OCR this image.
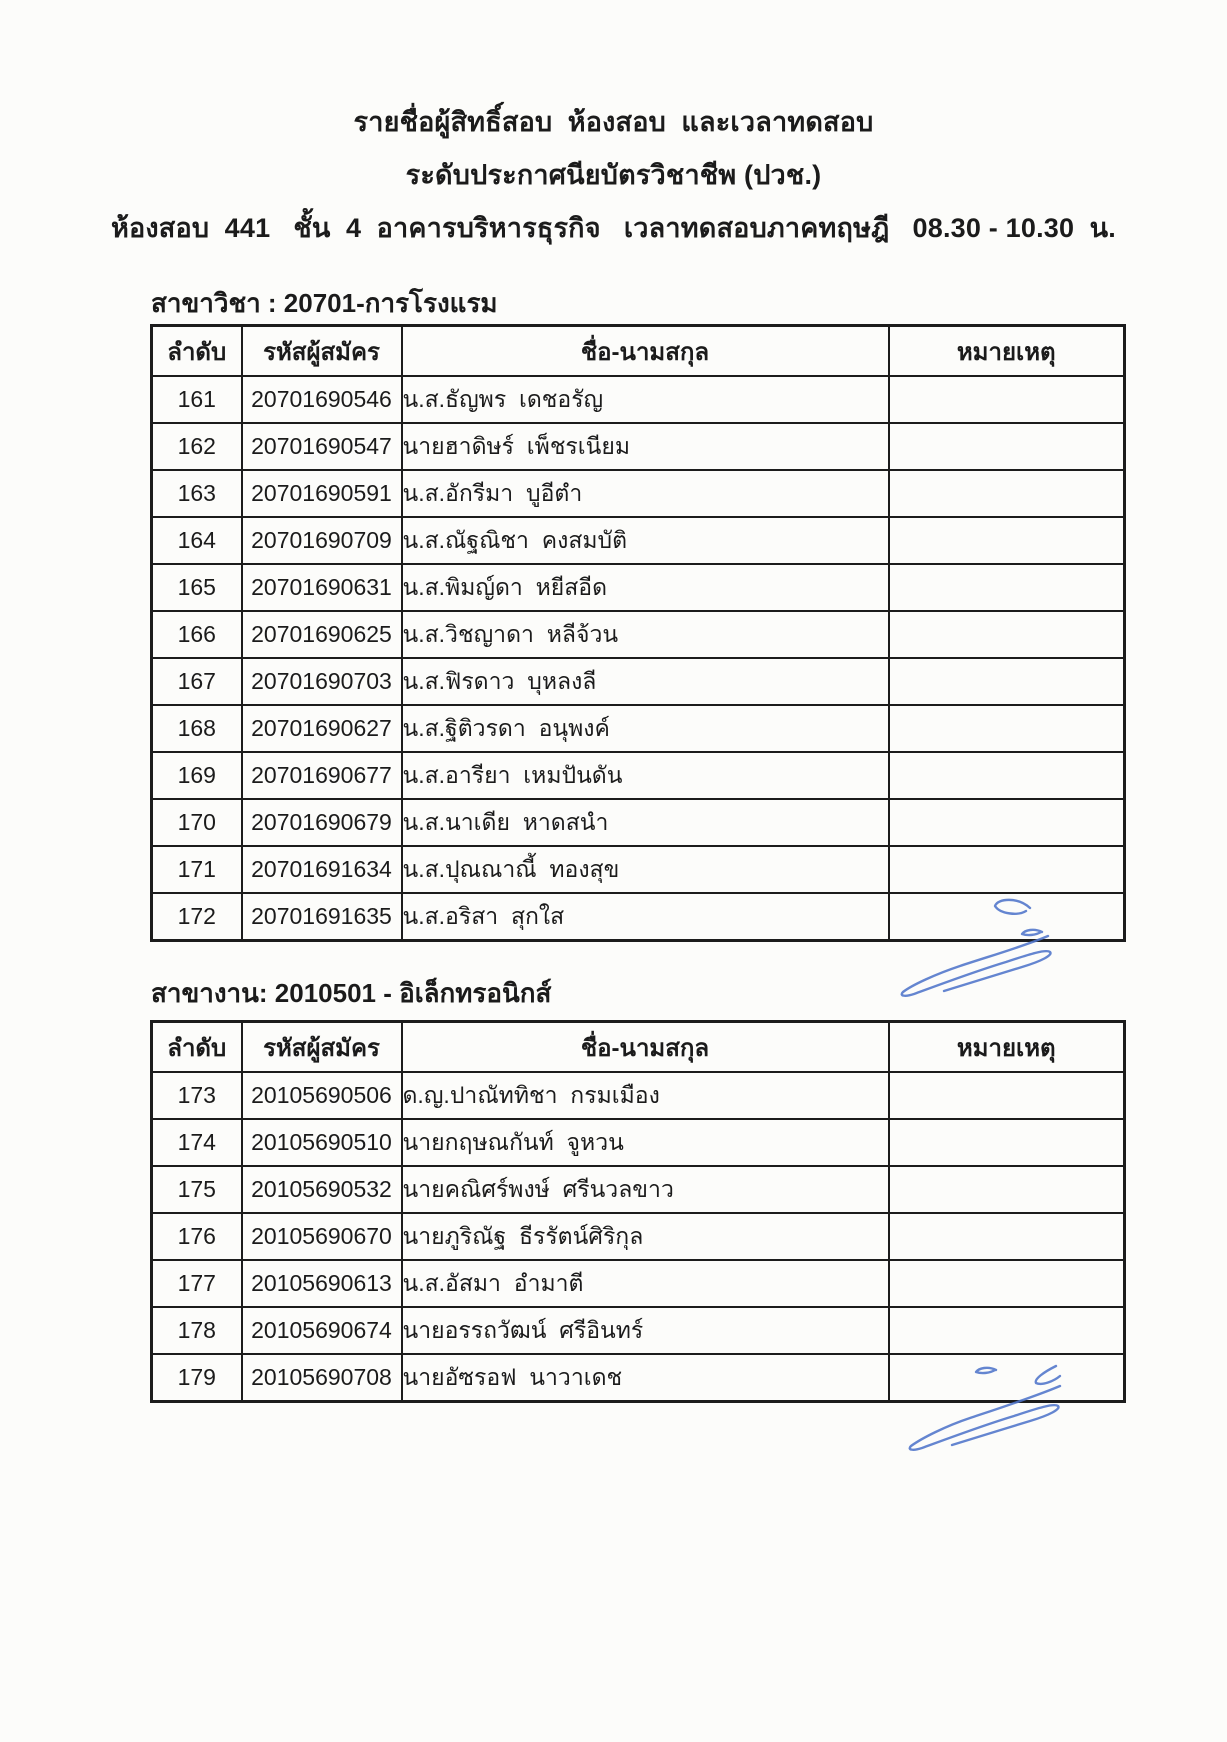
รายชื่อผู้สิทธิ์สอบ  ห้องสอบ  และเวลาทดสอบ
ระดับประกาศนียบัตรวิชาชีพ (ปวช.)
ห้องสอบ  441   ชั้น  4  อาคารบริหารธุรกิจ   เวลาทดสอบภาคทฤษฎี   08.30 - 10.30  น.
สาขาวิชา : 20701-การโรงแรม
ลำดับ	รหัสผู้สมัคร	ชื่อ-นามสกุล	หมายเหตุ
161	20701690546	น.ส.ธัญพร  เดชอรัญ	
162	20701690547	นายฮาดิษร์  เพ็ชรเนียม	
163	20701690591	น.ส.อักรีมา  บูอีตำ	
164	20701690709	น.ส.ณัฐณิชา  คงสมบัติ	
165	20701690631	น.ส.พิมญ์ดา  หยีสอีด	
166	20701690625	น.ส.วิชญาดา  หลีจ้วน	
167	20701690703	น.ส.ฟิรดาว  บุหลงลี	
168	20701690627	น.ส.ฐิติวรดา  อนุพงค์	
169	20701690677	น.ส.อารียา  เหมปันดัน	
170	20701690679	น.ส.นาเดีย  หาดสนำ	
171	20701691634	น.ส.ปุณณาณี้  ทองสุข	
172	20701691635	น.ส.อริสา  สุกใส	
สาขางาน: 2010501 - อิเล็กทรอนิกส์
ลำดับ	รหัสผู้สมัคร	ชื่อ-นามสกุล	หมายเหตุ
173	20105690506	ด.ญ.ปาณัททิชา  กรมเมือง	
174	20105690510	นายกฤษณกันท์  จูหวน	
175	20105690532	นายคณิศร์พงษ์  ศรีนวลขาว	
176	20105690670	นายภูริณัฐ  ธีรรัตน์ศิริกุล	
177	20105690613	น.ส.อัสมา  อำมาตี	
178	20105690674	นายอรรถวัฒน์  ศรีอินทร์	
179	20105690708	นายอัซรอฟ  นาวาเดช	
